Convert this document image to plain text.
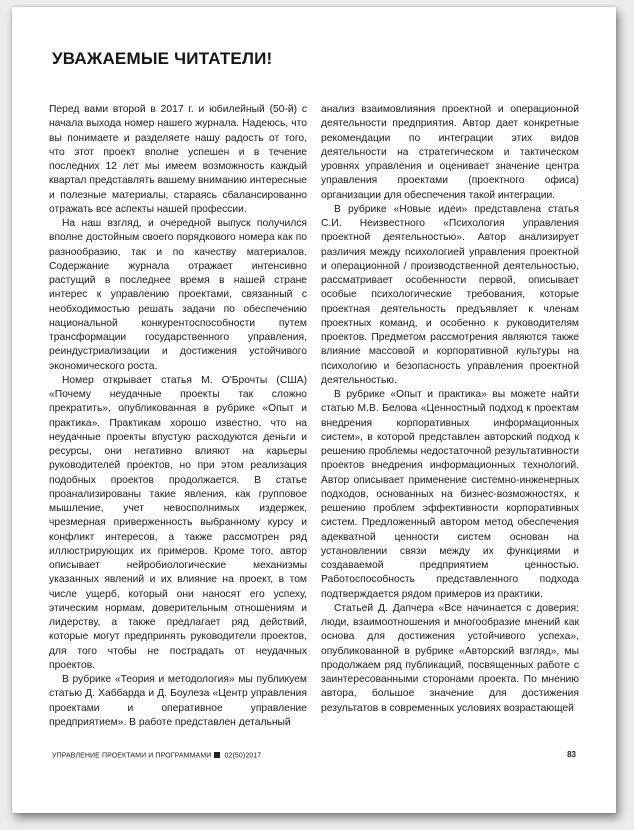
УВАЖАЕМЫЕ ЧИТАТЕЛИ!

Перед вами второй в 2017 г. и юбилейный (50-й) с начала выхода номер нашего журнала. Надеюсь, что вы понимаете и разделяете нашу радость от того, что этот проект вполне успешен и в течение последних 12 лет мы имеем возможность каждый квартал представлять вашему вниманию интересные и полезные материалы, стараясь сбалансированно отражать все аспекты нашей профессии.

На наш взгляд, и очередной выпуск получился вполне достойным своего порядкового номера как по разнообразию, так и по качеству материалов. Содержание журнала отражает интенсивно растущий в последнее время в нашей стране интерес к управлению проектами, связанный с необходимостью решать задачи по обеспечению национальной конкурентоспособности путем трансформации государственного управления, реиндустриализации и достижения устойчивого экономического роста.

Номер открывает статья М. О'Брочты (США) «Почему неудачные проекты так сложно прекратить», опубликованная в рубрике «Опыт и практика». Практикам хорошо известно, что на неудачные проекты впустую расходуются деньги и ресурсы, они негативно влияют на карьеры руководителей проектов, но при этом реализация подобных проектов продолжается. В статье проанализированы такие явления, как групповое мышление, учет невосполнимых издержек, чрезмерная приверженность выбранному курсу и конфликт интересов, а также рассмотрен ряд иллюстрирующих их примеров. Кроме того, автор описывает нейробиологические механизмы указанных явлений и их влияние на проект, в том числе ущерб, который они наносят его успеху, этическим нормам, доверительным отношениям и лидерству, а также предлагает ряд действий, которые могут предпринять руководители проектов, для того чтобы не пострадать от неудачных проектов.

В рубрике «Теория и методология» мы публикуем статью Д. Хаббарда и Д. Боулеза «Центр управления проектами и оперативное управление предприятием». В работе представлен детальный

анализ взаимовлияния проектной и операционной деятельности предприятия. Автор дает конкретные рекомендации по интеграции этих видов деятельности на стратегическом и тактическом уровнях управления и оценивает значение центра управления проектами (проектного офиса) организации для обеспечения такой интеграции.

В рубрике «Новые идеи» представлена статья С.И. Неизвестного «Психология управления проектной деятельностью». Автор анализирует различия между психологией управления проектной и операционной / производственной деятельностью, рассматривает особенности первой, описывает особые психологические требования, которые проектная деятельность предъявляет к членам проектных команд, и особенно к руководителям проектов. Предметом рассмотрения являются также влияние массовой и корпоративной культуры на психологию и безопасность управления проектной деятельностью.

В рубрике «Опыт и практика» вы можете найти статью М.В. Белова «Ценностный подход к проектам внедрения корпоративных информационных систем», в которой представлен авторский подход к решению проблемы недостаточной результативности проектов внедрения информационных технологий. Автор описывает применение системно-инженерных подходов, основанных на бизнес-возможностях, к решению проблем эффективности корпоративных систем. Предложенный автором метод обеспечения адекватной ценности систем основан на установлении связи между их функциями и создаваемой предприятием ценностью. Работоспособность представленного подхода подтверждается рядом примеров из практики.

Статьей Д. Дапчера «Все начинается с доверия: люди, взаимоотношения и многообразие мнений как основа для достижения устойчивого успеха», опубликованной в рубрике «Авторский взгляд», мы продолжаем ряд публикаций, посвященных работе с заинтересованными сторонами проекта. По мнению автора, большое значение для достижения результатов в современных условиях возрастающей

УПРАВЛЕНИЕ ПРОЕКТАМИ И ПРОГРАММАМИ 02(50)2017	83
